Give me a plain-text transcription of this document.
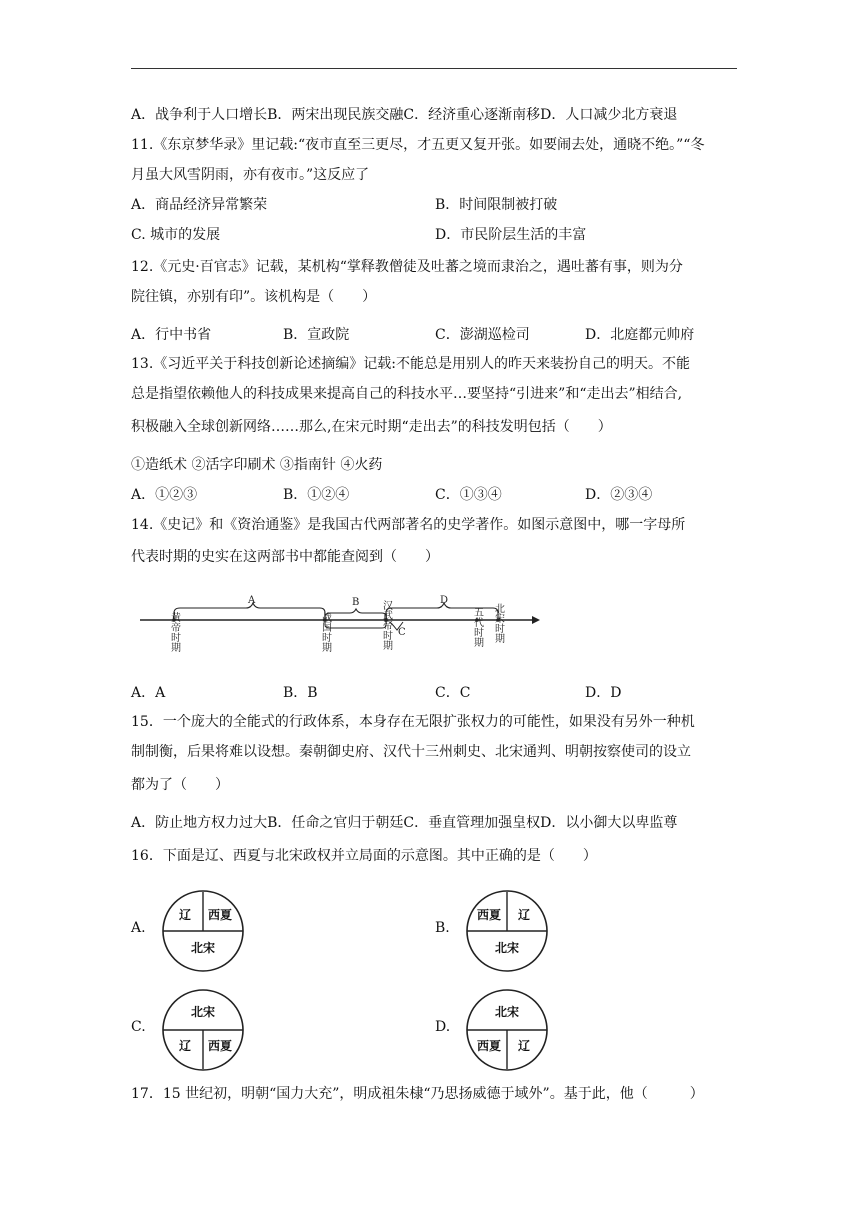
A．战争利于人口增长B．两宋出现民族交融C．经济重心逐渐南移D．人口减少北方衰退
11.《东京梦华录》里记载:“夜市直至三更尽，才五更又复开张。如要闹去处，通晓不绝。”“冬
月虽大风雪阴雨，亦有夜市。”这反应了
A．商品经济异常繁荣	B．时间限制被打破
C. 城市的发展	D．市民阶层生活的丰富
12.《元史·百官志》记载，某机构“掌释教僧徒及吐蕃之境而隶治之，遇吐蕃有事，则为分
院往镇，亦别有印”。该机构是（　　）
A．行中书省	B．宣政院	C．澎湖巡检司	D．北庭都元帅府
13.《习近平关于科技创新论述摘编》记载:不能总是用别人的昨天来装扮自己的明天。不能
总是指望依赖他人的科技成果来提高自己的科技水平…要坚持“引进来”和“走出去”相结合,
积极融入全球创新网络……那么,在宋元时期“走出去”的科技发明包括（　　）
①造纸术 ②活字印刷术 ③指南针 ④火药
A．①②③	B．①②④	C．①③④	D．②③④
14.《史记》和《资治通鉴》是我国古代两部著名的史学著作。如图示意图中，哪一字母所
代表时期的史实在这两部书中都能查阅到（　　）
A	B
C
D
黄帝时期	战国时期	汉武帝时期	五代时期 北宋时期
A．A	B．B	C．C	D．D
15．一个庞大的全能式的行政体系，本身存在无限扩张权力的可能性，如果没有另外一种机
制制衡，后果将难以设想。秦朝御史府、汉代十三州刺史、北宋通判、明朝按察使司的设立
都为了（　　）
A．防止地方权力过大B．任命之官归于朝廷C．垂直管理加强皇权D．以小御大以卑监尊
16．下面是辽、西夏与北宋政权并立局面的示意图。其中正确的是（　　）
A.
辽 西夏
北宋
B.
西夏 辽
北宋
C.
北宋
辽 西夏
D.
北宋
西夏 辽
17．15 世纪初，明朝“国力大充”，明成祖朱棣“乃思扬威德于域外”。基于此，他（　　　）
